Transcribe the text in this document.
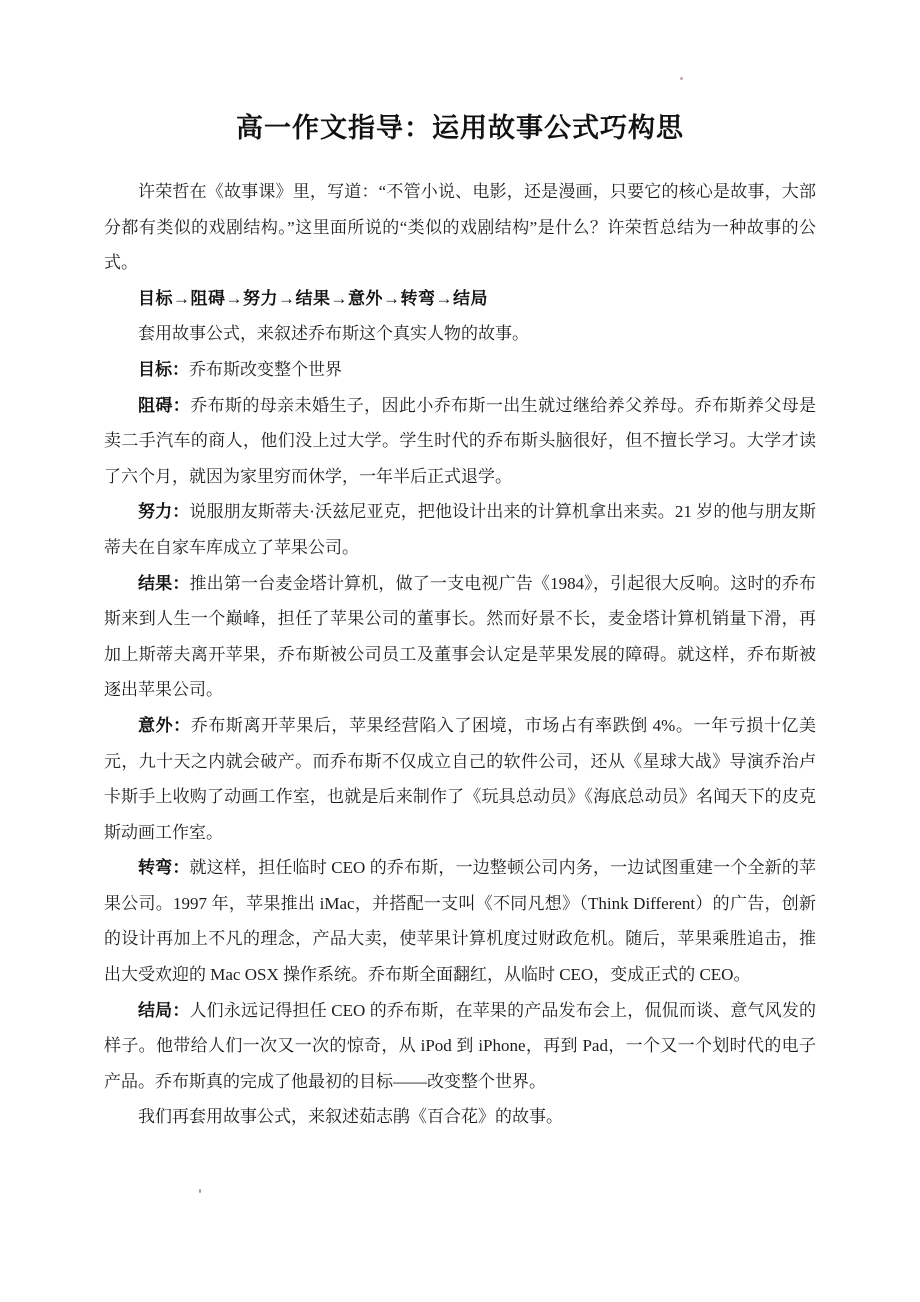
高一作文指导：运用故事公式巧构思

许荣哲在《故事课》里，写道：“不管小说、电影，还是漫画，只要它的核心是故事，大部分都有类似的戏剧结构。”这里面所说的“类似的戏剧结构”是什么？许荣哲总结为一种故事的公式。

目标→阻碍→努力→结果→意外→转弯→结局

套用故事公式，来叙述乔布斯这个真实人物的故事。

目标：乔布斯改变整个世界

阻碍：乔布斯的母亲未婚生子，因此小乔布斯一出生就过继给养父养母。乔布斯养父母是卖二手汽车的商人，他们没上过大学。学生时代的乔布斯头脑很好，但不擅长学习。大学才读了六个月，就因为家里穷而休学，一年半后正式退学。

努力：说服朋友斯蒂夫·沃兹尼亚克，把他设计出来的计算机拿出来卖。21 岁的他与朋友斯蒂夫在自家车库成立了苹果公司。

结果：推出第一台麦金塔计算机，做了一支电视广告《1984》，引起很大反响。这时的乔布斯来到人生一个巅峰，担任了苹果公司的董事长。然而好景不长，麦金塔计算机销量下滑，再加上斯蒂夫离开苹果，乔布斯被公司员工及董事会认定是苹果发展的障碍。就这样，乔布斯被逐出苹果公司。

意外：乔布斯离开苹果后，苹果经营陷入了困境，市场占有率跌倒 4%。一年亏损十亿美元，九十天之内就会破产。而乔布斯不仅成立自己的软件公司，还从《星球大战》导演乔治卢卡斯手上收购了动画工作室，也就是后来制作了《玩具总动员》《海底总动员》名闻天下的皮克斯动画工作室。

转弯：就这样，担任临时 CEO 的乔布斯，一边整顿公司内务，一边试图重建一个全新的苹果公司。1997 年，苹果推出 iMac，并搭配一支叫《不同凡想》（Think Different）的广告，创新的设计再加上不凡的理念，产品大卖，使苹果计算机度过财政危机。随后，苹果乘胜追击，推出大受欢迎的 Mac OSX 操作系统。乔布斯全面翻红，从临时 CEO，变成正式的 CEO。

结局：人们永远记得担任 CEO 的乔布斯，在苹果的产品发布会上，侃侃而谈、意气风发的样子。他带给人们一次又一次的惊奇，从 iPod 到 iPhone，再到 Pad，一个又一个划时代的电子产品。乔布斯真的完成了他最初的目标——改变整个世界。

我们再套用故事公式，来叙述茹志鹃《百合花》的故事。
